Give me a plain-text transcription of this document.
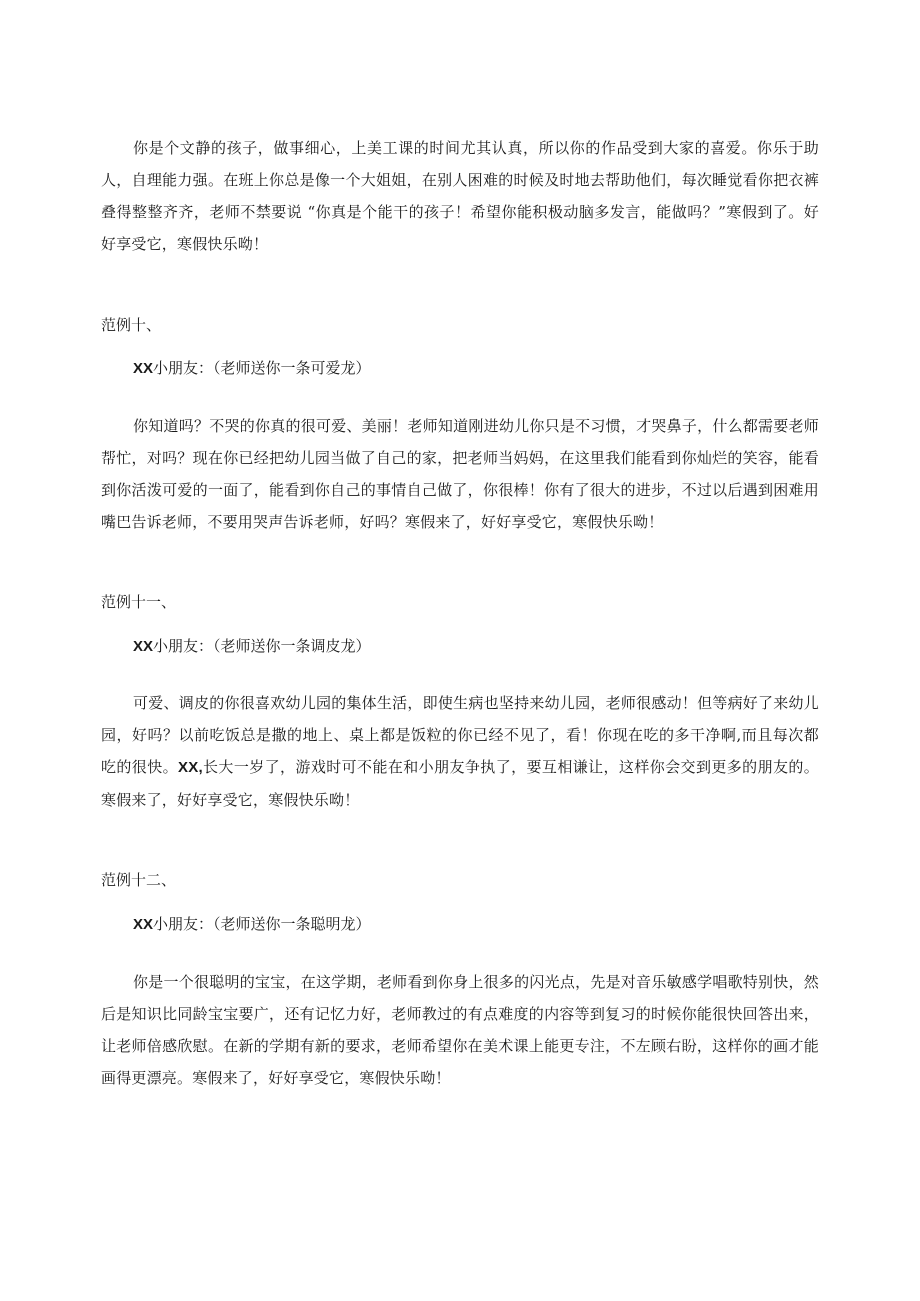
你是个文静的孩子，做事细心，上美工课的时间尤其认真，所以你的作品受到大家的喜爱。你乐于助人，自理能力强。在班上你总是像一个大姐姐，在别人困难的时候及时地去帮助他们，每次睡觉看你把衣裤叠得整整齐齐，老师不禁要说 “你真是个能干的孩子！希望你能积极动脑多发言，能做吗？”寒假到了。好好享受它，寒假快乐呦！

范例十、

XX小朋友：（老师送你一条可爱龙）

你知道吗？不哭的你真的很可爱、美丽！老师知道刚进幼儿你只是不习惯，才哭鼻子，什么都需要老师帮忙，对吗？现在你已经把幼儿园当做了自己的家，把老师当妈妈，在这里我们能看到你灿烂的笑容，能看到你活泼可爱的一面了，能看到你自己的事情自己做了，你很棒！你有了很大的进步，不过以后遇到困难用嘴巴告诉老师，不要用哭声告诉老师，好吗？寒假来了，好好享受它，寒假快乐呦！

范例十一、

XX小朋友：（老师送你一条调皮龙）

可爱、调皮的你很喜欢幼儿园的集体生活，即使生病也坚持来幼儿园，老师很感动！但等病好了来幼儿园，好吗？以前吃饭总是撒的地上、桌上都是饭粒的你已经不见了，看！你现在吃的多干净啊,而且每次都吃的很快。XX,长大一岁了，游戏时可不能在和小朋友争执了，要互相谦让，这样你会交到更多的朋友的。寒假来了，好好享受它，寒假快乐呦！

范例十二、

XX小朋友：（老师送你一条聪明龙）

你是一个很聪明的宝宝，在这学期，老师看到你身上很多的闪光点，先是对音乐敏感学唱歌特别快，然后是知识比同龄宝宝要广，还有记忆力好，老师教过的有点难度的内容等到复习的时候你能很快回答出来，让老师倍感欣慰。在新的学期有新的要求，老师希望你在美术课上能更专注，不左顾右盼，这样你的画才能画得更漂亮。寒假来了，好好享受它，寒假快乐呦！
